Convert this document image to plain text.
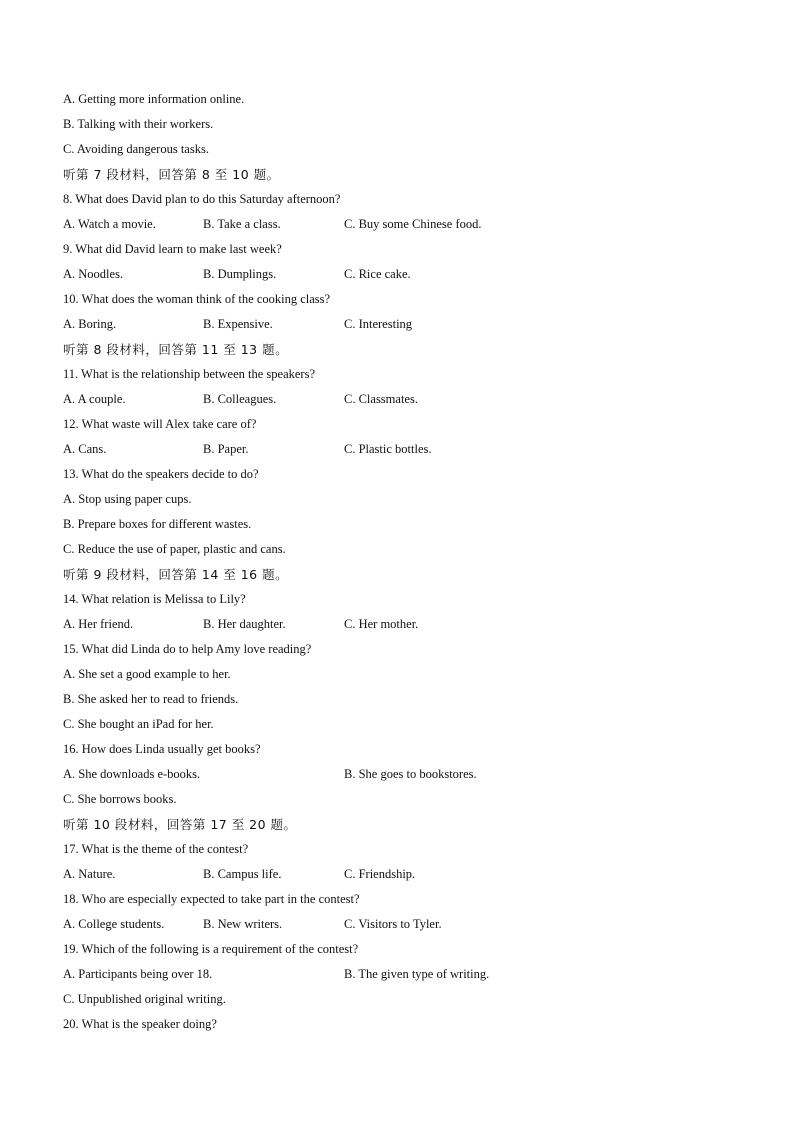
A. Getting more information online.
B. Talking with their workers.
C. Avoiding dangerous tasks.
听第 7 段材料，回答第 8 至 10 题。
8. What does David plan to do this Saturday afternoon?
A. Watch a movie.	B. Take a class.	C. Buy some Chinese food.
9. What did David learn to make last week?
A. Noodles.	B. Dumplings.	C. Rice cake.
10. What does the woman think of the cooking class?
A. Boring.	B. Expensive.	C. Interesting
听第 8 段材料，回答第 11 至 13 题。
11. What is the relationship between the speakers?
A. A couple.	B. Colleagues.	C. Classmates.
12. What waste will Alex take care of?
A. Cans.	B. Paper.	C. Plastic bottles.
13. What do the speakers decide to do?
A. Stop using paper cups.
B. Prepare boxes for different wastes.
C. Reduce the use of paper, plastic and cans.
听第 9 段材料，回答第 14 至 16 题。
14. What relation is Melissa to Lily?
A. Her friend.	B. Her daughter.	C. Her mother.
15. What did Linda do to help Amy love reading?
A. She set a good example to her.
B. She asked her to read to friends.
C. She bought an iPad for her.
16. How does Linda usually get books?
A. She downloads e-books.	B. She goes to bookstores.
C. She borrows books.
听第 10 段材料，回答第 17 至 20 题。
17. What is the theme of the contest?
A. Nature.	B. Campus life.	C. Friendship.
18. Who are especially expected to take part in the contest?
A. College students.	B. New writers.	C. Visitors to Tyler.
19. Which of the following is a requirement of the contest?
A. Participants being over 18.	B. The given type of writing.
C. Unpublished original writing.
20. What is the speaker doing?
